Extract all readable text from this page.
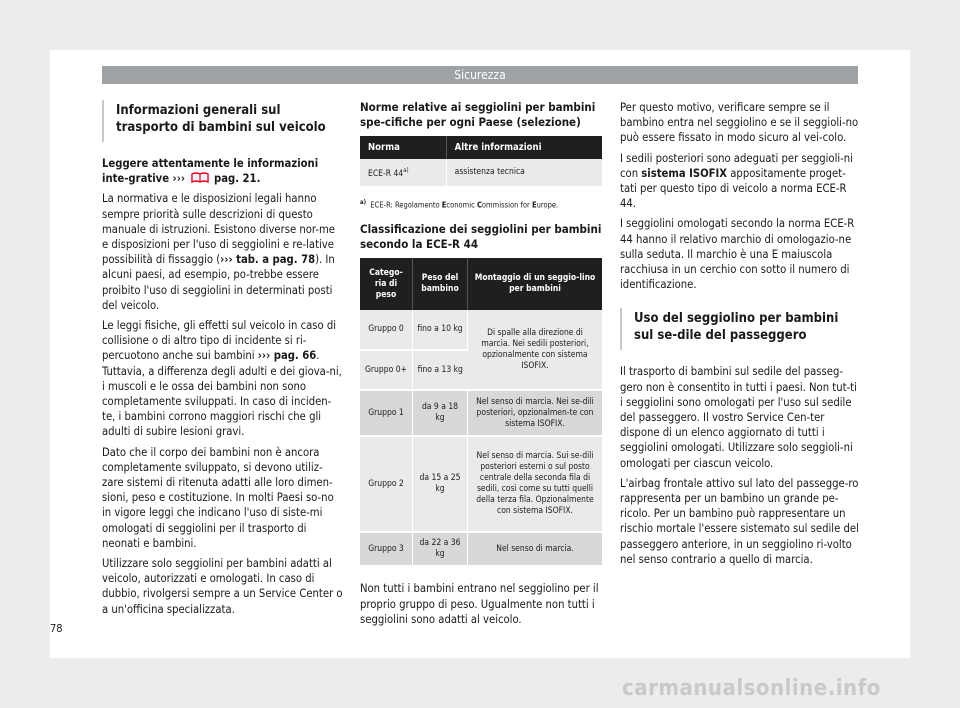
Sicurezza
Informazioni generali sul trasporto di bambini sul veicolo

Leggere attentamente le informazioni inte-grative ›››  pag. 21.

La normativa e le disposizioni legali hanno sempre priorità sulle descrizioni di questo manuale di istruzioni. Esistono diverse nor-me e disposizioni per l'uso di seggiolini e re-lative possibilità di fissaggio (››› tab. a pag. 78). In alcuni paesi, ad esempio, po-trebbe essere proibito l'uso di seggiolini in determinati posti del veicolo.

Le leggi fisiche, gli effetti sul veicolo in caso di collisione o di altro tipo di incidente si ri-percuotono anche sui bambini ››› pag. 66. Tuttavia, a differenza degli adulti e dei giova-ni, i muscoli e le ossa dei bambini non sono completamente sviluppati. In caso di inciden-te, i bambini corrono maggiori rischi che gli adulti di subire lesioni gravi.

Dato che il corpo dei bambini non è ancora completamente sviluppato, si devono utiliz-zare sistemi di ritenuta adatti alle loro dimen-sioni, peso e costituzione. In molti Paesi so-no in vigore leggi che indicano l'uso di siste-mi omologati di seggiolini per il trasporto di neonati e bambini.

Utilizzare solo seggiolini per bambini adatti al veicolo, autorizzati e omologati. In caso di dubbio, rivolgersi sempre a un Service Center o a un'officina specializzata.

Norme relative ai seggiolini per bambini spe-cifiche per ogni Paese (selezione)
Norma	Altre informazioni
ECE-R 44$^{a)}$	assistenza tecnica
$^{a)}$ ECE-R: Regolamento Economic Commission for Europe.
Classificazione dei seggiolini per bambini secondo la ECE-R 44
Catego-ria di peso	Peso del bambino	Montaggio di un seggio-lino per bambini
Gruppo 0	fino a 10 kg	Di spalle alla direzione di marcia. Nei sedili posteriori, opzionalmente con sistema ISOFIX.
Gruppo 0+	fino a 13 kg	
Gruppo 1	da 9 a 18 kg	Nel senso di marcia. Nei se-dili posteriori, opzionalmen-te con sistema ISOFIX.
Gruppo 2	da 15 a 25 kg	Nel senso di marcia. Sui se-dili posteriori esterni o sul posto centrale della seconda fila di sedili, così come su tutti quelli della terza fila. Opzionalmente con sistema ISOFIX.
Gruppo 3	da 22 a 36 kg	Nel senso di marcia.

Non tutti i bambini entrano nel seggiolino per il proprio gruppo di peso. Ugualmente non tutti i seggiolini sono adatti al veicolo.

Per questo motivo, verificare sempre se il bambino entra nel seggiolino e se il seggioli-no può essere fissato in modo sicuro al vei-colo.

I sedili posteriori sono adeguati per seggioli-ni con sistema ISOFIX appositamente proget-tati per questo tipo di veicolo a norma ECE-R 44.

I seggiolini omologati secondo la norma ECE-R 44 hanno il relativo marchio di omologazio-ne sulla seduta. Il marchio è una E maiuscola racchiusa in un cerchio con sotto il numero di identificazione.

Uso del seggiolino per bambini sul se-dile del passeggero

Il trasporto di bambini sul sedile del passeg-gero non è consentito in tutti i paesi. Non tut-ti i seggiolini sono omologati per l'uso sul sedile del passeggero. Il vostro Service Cen-ter dispone di un elenco aggiornato di tutti i seggiolini omologati. Utilizzare solo seggioli-ni omologati per ciascun veicolo.

L'airbag frontale attivo sul lato del passegge-ro rappresenta per un bambino un grande pe-ricolo. Per un bambino può rappresentare un rischio mortale l'essere sistemato sul sedile del passeggero anteriore, in un seggiolino ri-volto nel senso contrario a quello di marcia.

78
carmanualsonline.info
